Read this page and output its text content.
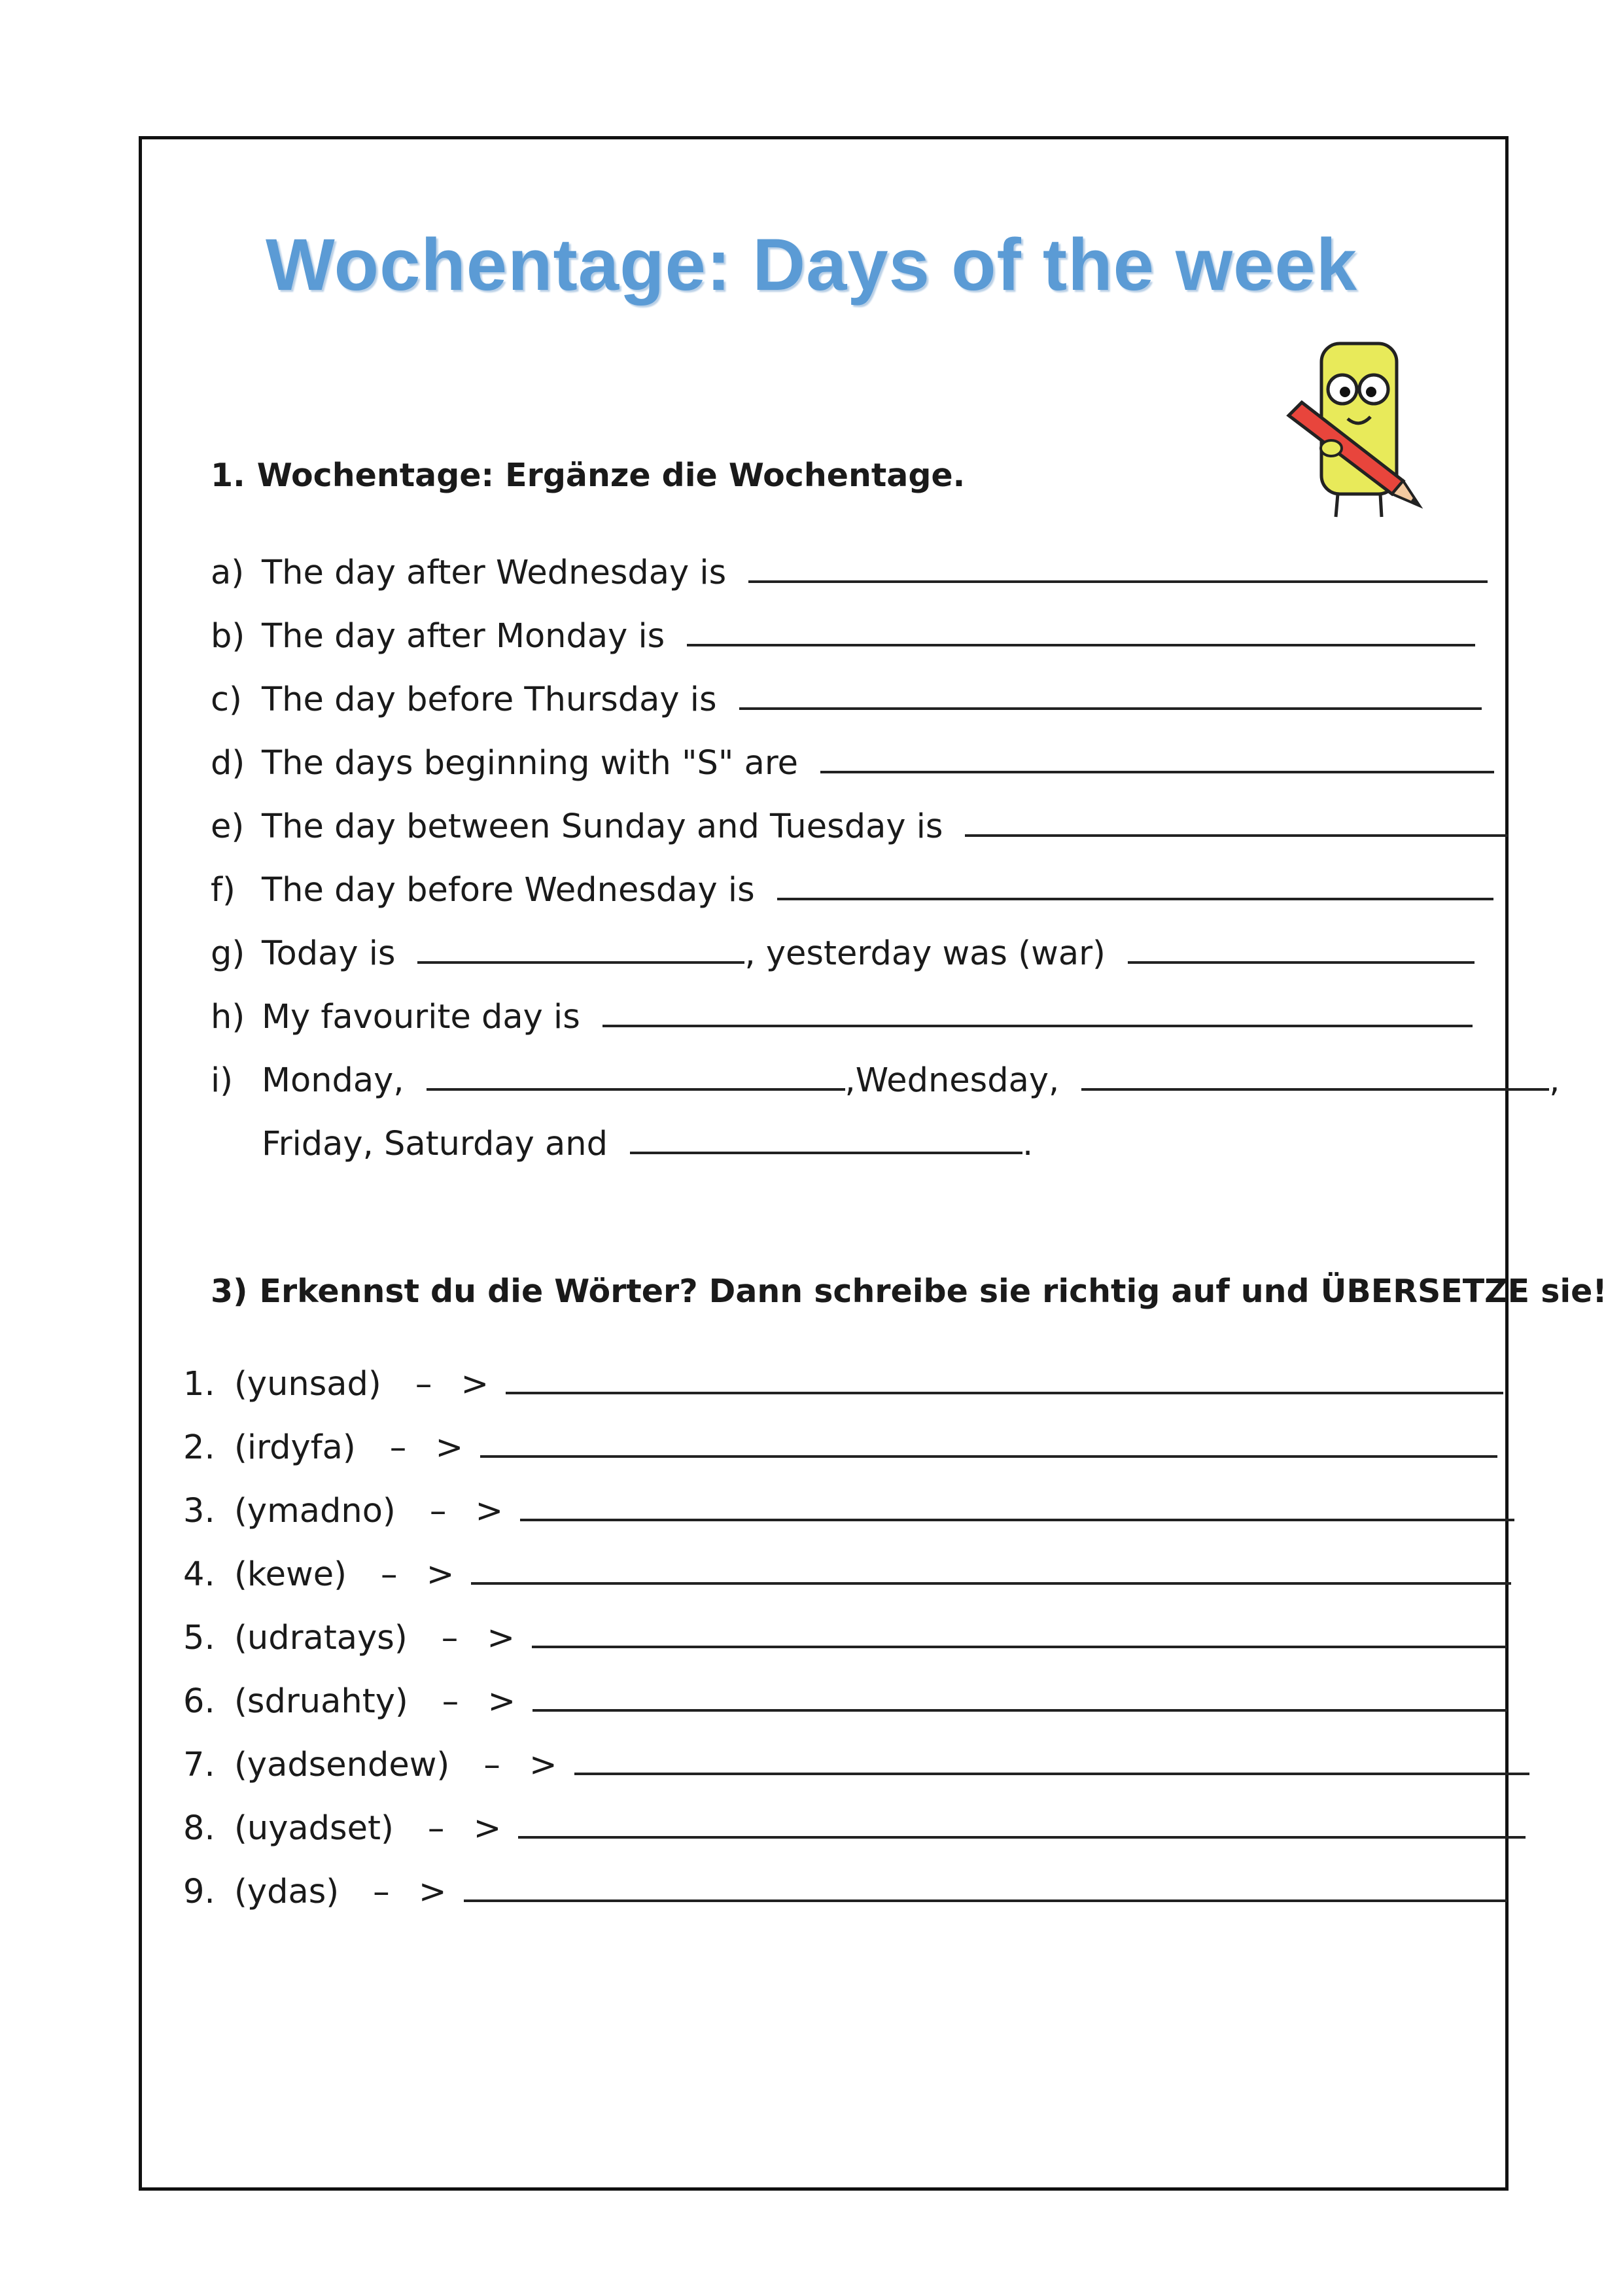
Wochentage: Days of the week
1. Wochentage: Ergänze die Wochentage.
a) The day after Wednesday is
b) The day after Monday is
c) The day before Thursday is
d) The days beginning with "S" are
e) The day between Sunday and Tuesday is
f) The day before Wednesday is
g) Today is	, yesterday was (war)
h) My favourite day is
i) Monday,	,Wednesday,	,
Friday, Saturday and	.
3) Erkennst du die Wörter? Dann schreibe sie richtig auf und ÜBERSETZE sie!
1. (yunsad) – >
2. (irdyfa) – >
3. (ymadno) – >
4. (kewe) – >
5. (udratays) – >
6. (sdruahty) – >
7. (yadsendew) – >
8. (uyadset) – >
9. (ydas) – >
